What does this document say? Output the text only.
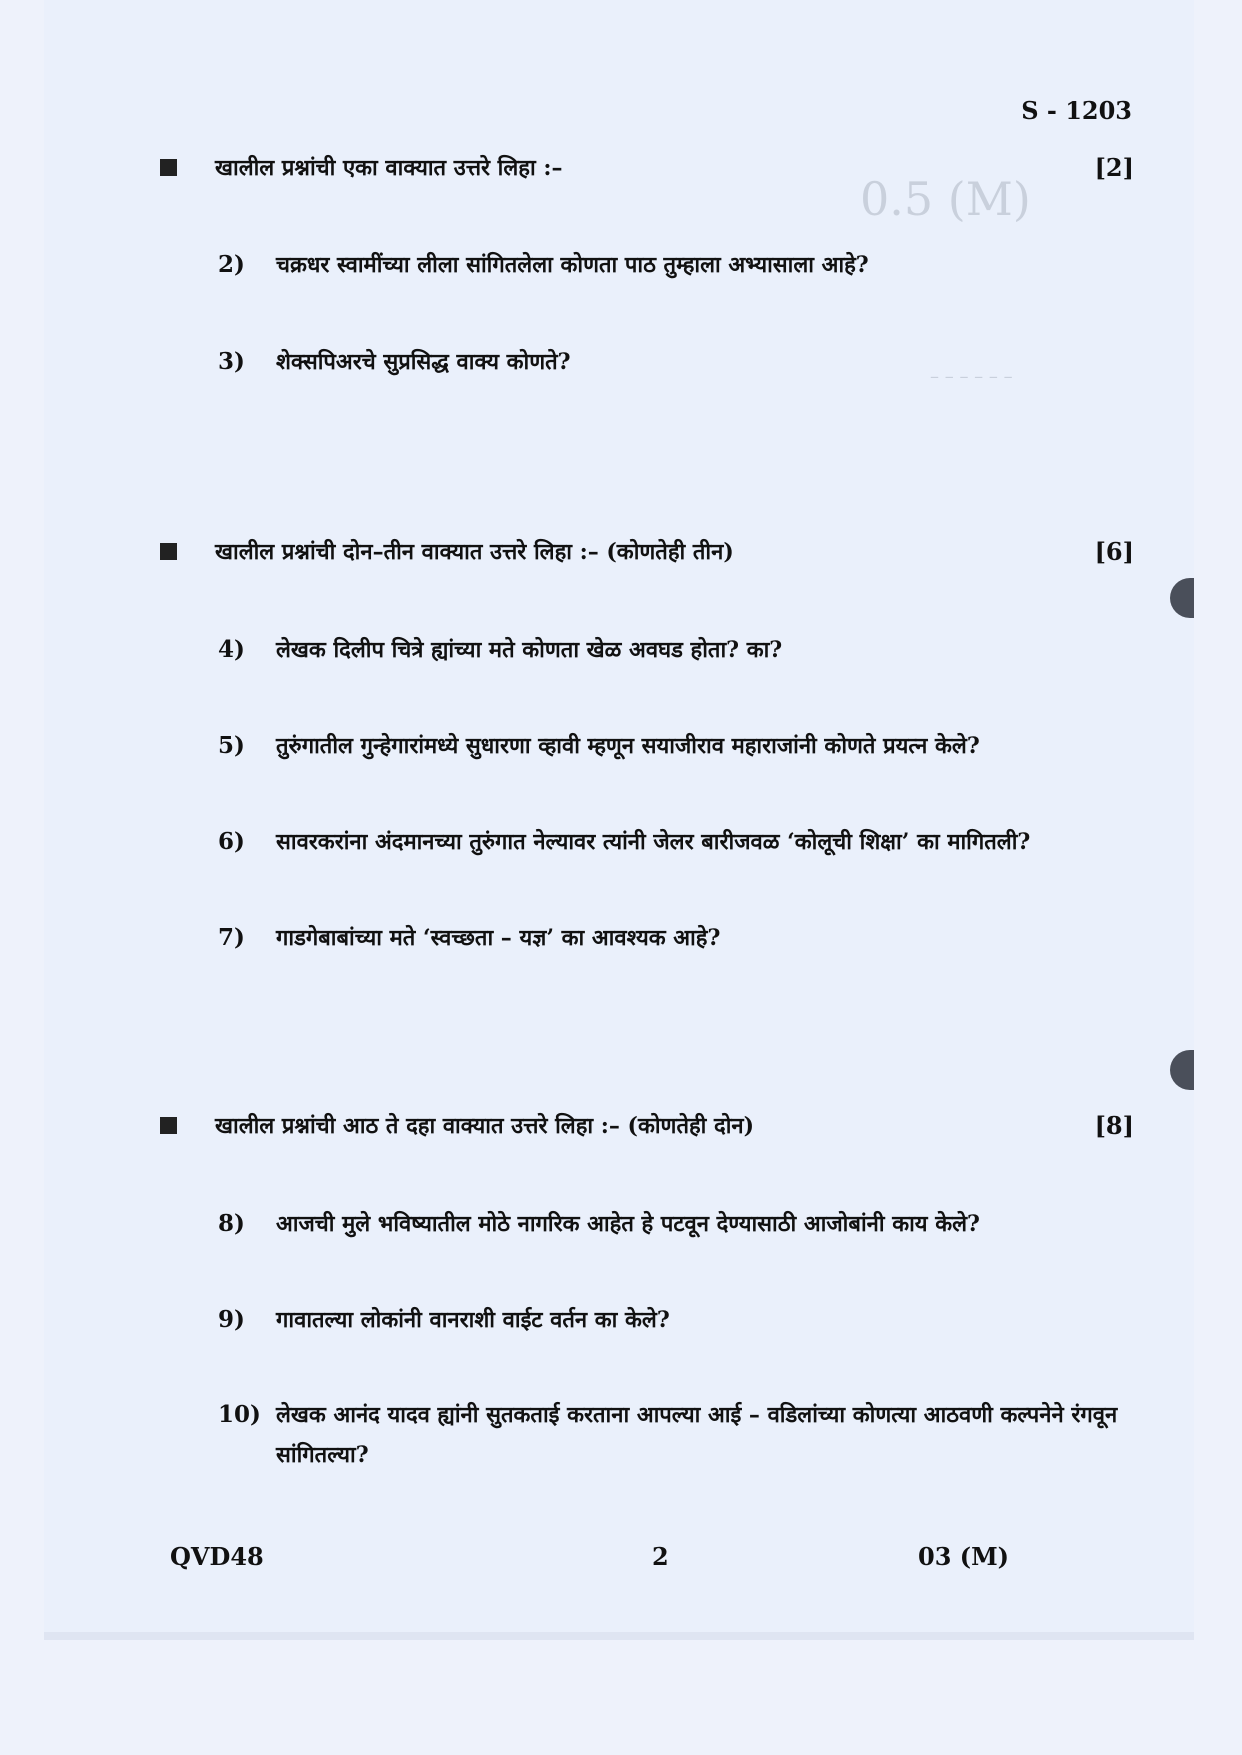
0.5 (M)
– – – – – –
S - 1203
खालील प्रश्नांची एका वाक्यात उत्तरे लिहा :–	[2]
2)	चक्रधर स्वामींच्या लीला सांगितलेला कोणता पाठ तुम्हाला अभ्यासाला आहे?
3)	शेक्सपिअरचे सुप्रसिद्ध वाक्य कोणते?
खालील प्रश्नांची दोन–तीन वाक्यात उत्तरे लिहा :– (कोणतेही तीन)	[6]
4)	लेखक दिलीप चित्रे ह्यांच्या मते कोणता खेळ अवघड होता? का?
5)	तुरुंगातील गुन्हेगारांमध्ये सुधारणा व्हावी म्हणून सयाजीराव महाराजांनी कोणते प्रयत्न केले?
6)	सावरकरांना अंदमानच्या तुरुंगात नेल्यावर त्यांनी जेलर बारीजवळ ‘कोलूची शिक्षा’ का मागितली?
7)	गाडगेबाबांच्या मते ‘स्वच्छता – यज्ञ’ का आवश्यक आहे?
खालील प्रश्नांची आठ ते दहा वाक्यात उत्तरे लिहा :– (कोणतेही दोन)	[8]
8)	आजची मुले भविष्यातील मोठे नागरिक आहेत हे पटवून देण्यासाठी आजोबांनी काय केले?
9)	गावातल्या लोकांनी वानराशी वाईट वर्तन का केले?
10) लेखक आनंद यादव ह्यांनी सुतकताई करताना आपल्या आई – वडिलांच्या कोणत्या आठवणी कल्पनेने रंगवून सांगितल्या?
QVD48	2	03 (M)
